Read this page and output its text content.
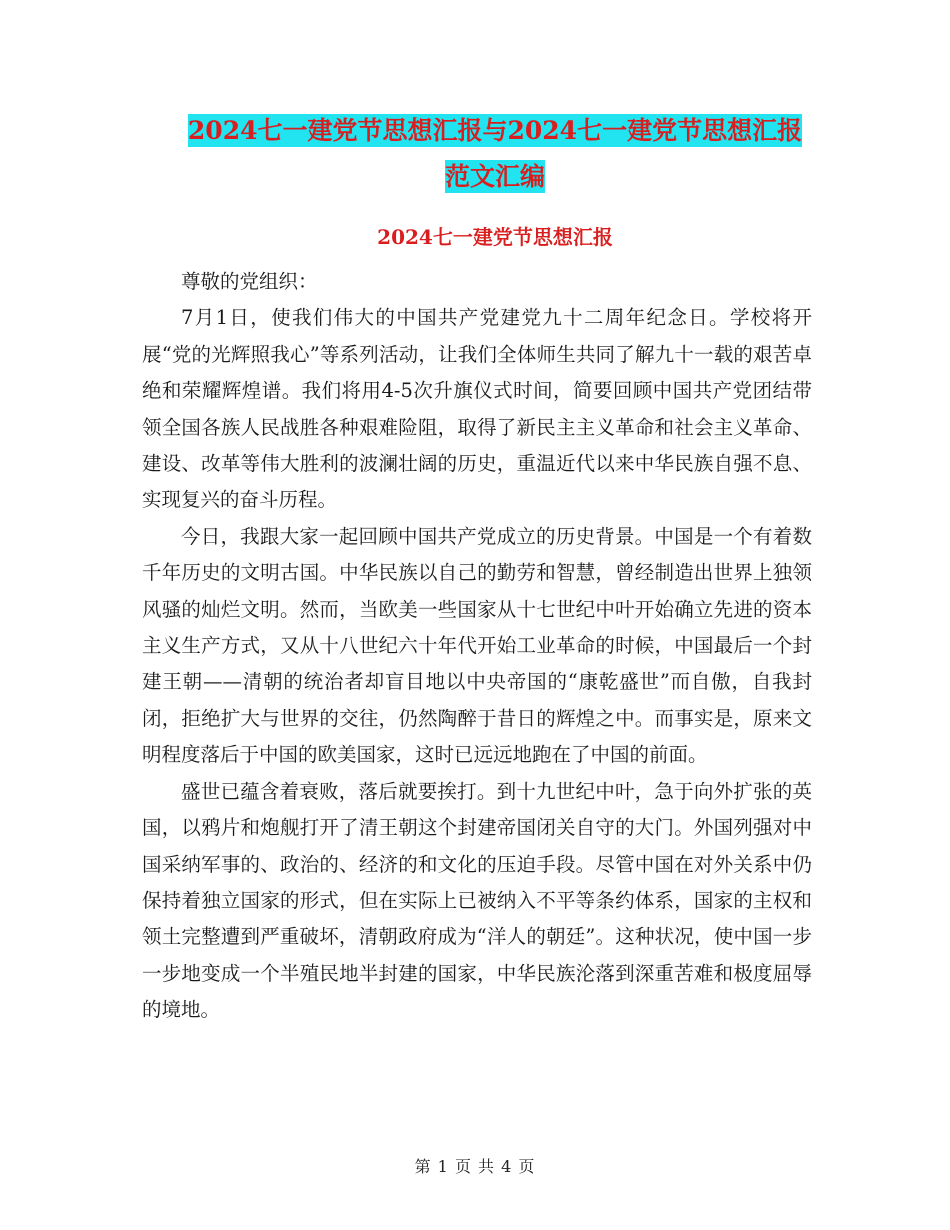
2024七一建党节思想汇报与2024七一建党节思想汇报
范文汇编
2024七一建党节思想汇报

尊敬的党组织：

7月1日，使我们伟大的中国共产党建党九十二周年纪念日。学校将开展“党的光辉照我心”等系列活动，让我们全体师生共同了解九十一载的艰苦卓绝和荣耀辉煌谱。我们将用4-5次升旗仪式时间，简要回顾中国共产党团结带领全国各族人民战胜各种艰难险阻，取得了新民主主义革命和社会主义革命、建设、改革等伟大胜利的波澜壮阔的历史，重温近代以来中华民族自强不息、实现复兴的奋斗历程。

今日，我跟大家一起回顾中国共产党成立的历史背景。中国是一个有着数千年历史的文明古国。中华民族以自己的勤劳和智慧，曾经制造出世界上独领风骚的灿烂文明。然而，当欧美一些国家从十七世纪中叶开始确立先进的资本主义生产方式，又从十八世纪六十年代开始工业革命的时候，中国最后一个封建王朝——清朝的统治者却盲目地以中央帝国的“康乾盛世”而自傲，自我封闭，拒绝扩大与世界的交往，仍然陶醉于昔日的辉煌之中。而事实是，原来文明程度落后于中国的欧美国家，这时已远远地跑在了中国的前面。

盛世已蕴含着衰败，落后就要挨打。到十九世纪中叶，急于向外扩张的英国，以鸦片和炮舰打开了清王朝这个封建帝国闭关自守的大门。外国列强对中国采纳军事的、政治的、经济的和文化的压迫手段。尽管中国在对外关系中仍保持着独立国家的形式，但在实际上已被纳入不平等条约体系，国家的主权和领土完整遭到严重破坏，清朝政府成为“洋人的朝廷”。这种状况，使中国一步一步地变成一个半殖民地半封建的国家，中华民族沦落到深重苦难和极度屈辱的境地。

第 1 页 共 4 页
